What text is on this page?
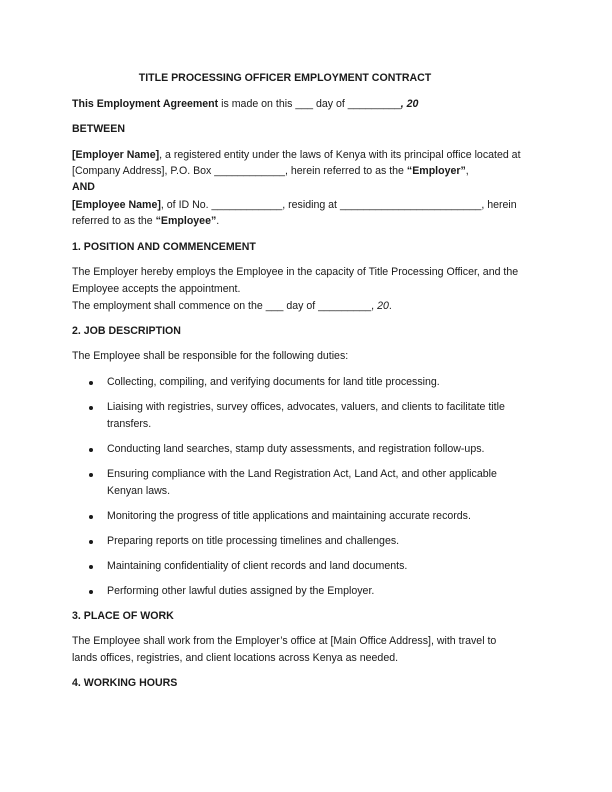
TITLE PROCESSING OFFICER EMPLOYMENT CONTRACT
This Employment Agreement is made on this ___ day of _________, 20
BETWEEN
[Employer Name], a registered entity under the laws of Kenya with its principal office located at
[Company Address], P.O. Box ____________, herein referred to as the “Employer”,
AND
[Employee Name], of ID No. ____________, residing at ________________________, herein
referred to as the “Employee”.
1. POSITION AND COMMENCEMENT
The Employer hereby employs the Employee in the capacity of Title Processing Officer, and the
Employee accepts the appointment.
The employment shall commence on the ___ day of _________, 20.
2. JOB DESCRIPTION
The Employee shall be responsible for the following duties:
Collecting, compiling, and verifying documents for land title processing.
Liaising with registries, survey offices, advocates, valuers, and clients to facilitate title
transfers.
Conducting land searches, stamp duty assessments, and registration follow-ups.
Ensuring compliance with the Land Registration Act, Land Act, and other applicable
Kenyan laws.
Monitoring the progress of title applications and maintaining accurate records.
Preparing reports on title processing timelines and challenges.
Maintaining confidentiality of client records and land documents.
Performing other lawful duties assigned by the Employer.
3. PLACE OF WORK
The Employee shall work from the Employer’s office at [Main Office Address], with travel to
lands offices, registries, and client locations across Kenya as needed.
4. WORKING HOURS
